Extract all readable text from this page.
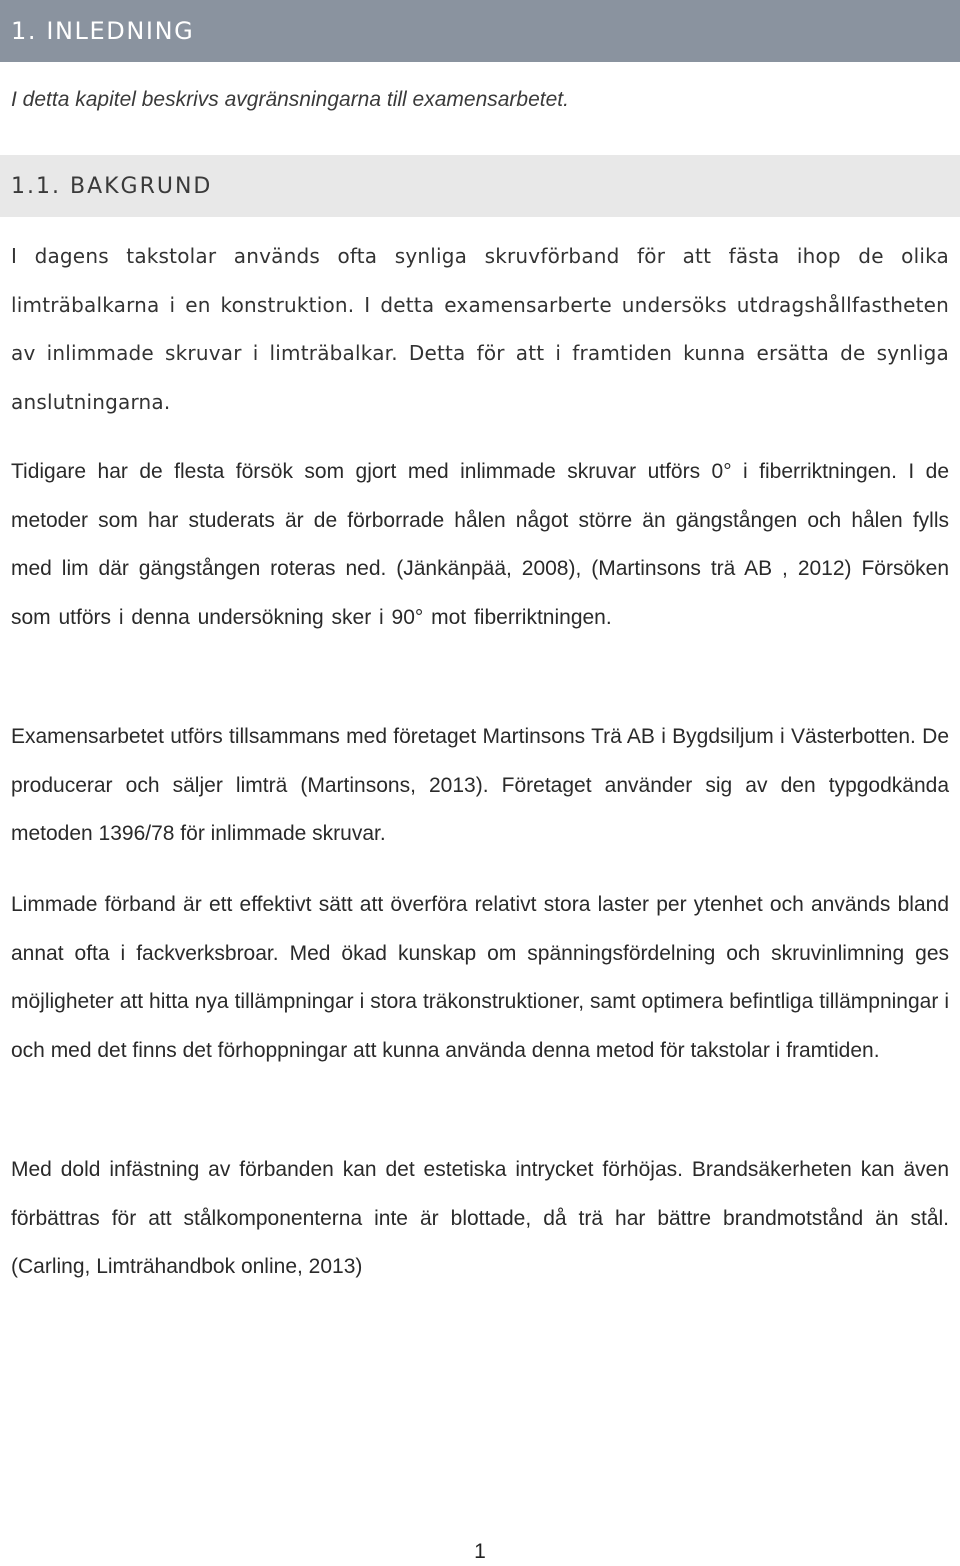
1. INLEDNING

I detta kapitel beskrivs avgränsningarna till examensarbetet.

1.1. BAKGRUND

I dagens takstolar används ofta synliga skruvförband för att fästa ihop de olika limträbalkarna i en konstruktion. I detta examensarberte undersöks utdragshållfastheten av inlimmade skruvar i limträbalkar. Detta för att i framtiden kunna ersätta de synliga anslutningarna.

Tidigare har de flesta försök som gjort med inlimmade skruvar utförs 0° i fiberriktningen. I de metoder som har studerats är de förborrade hålen något större än gängstången och hålen fylls med lim där gängstången roteras ned. (Jänkänpää, 2008), (Martinsons trä AB , 2012) Försöken som utförs i denna undersökning sker i 90° mot fiberriktningen.

Examensarbetet utförs tillsammans med företaget Martinsons Trä AB i Bygdsiljum i Västerbotten. De producerar och säljer limträ (Martinsons, 2013). Företaget använder sig av den typgodkända metoden 1396/78 för inlimmade skruvar.

Limmade förband är ett effektivt sätt att överföra relativt stora laster per ytenhet och används bland annat ofta i fackverksbroar. Med ökad kunskap om spänningsfördelning och skruvinlimning ges möjligheter att hitta nya tillämpningar i stora träkonstruktioner, samt optimera befintliga tillämpningar i och med det finns det förhoppningar att kunna använda denna metod för takstolar i framtiden.

Med dold infästning av förbanden kan det estetiska intrycket förhöjas. Brandsäkerheten kan även förbättras för att stålkomponenterna inte är blottade, då trä har bättre brandmotstånd än stål. (Carling, Limträhandbok online, 2013)

1
